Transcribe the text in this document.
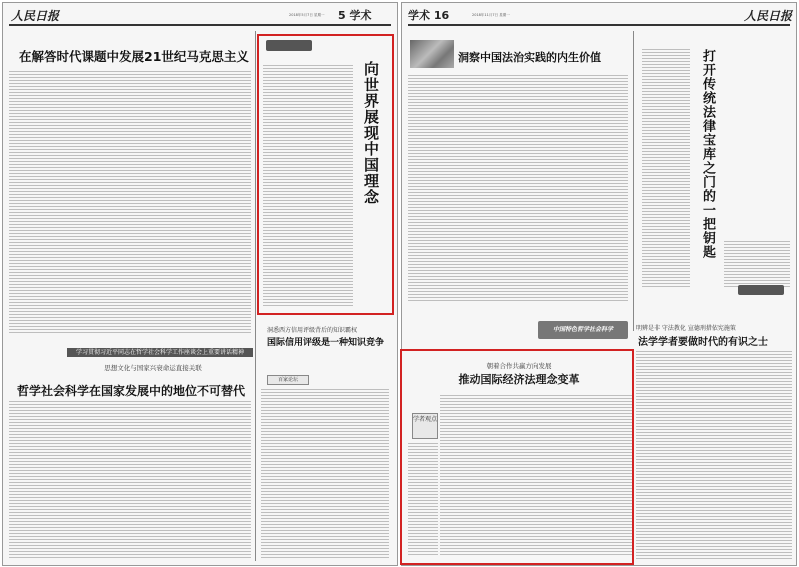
人民日报	2018年5月7日 星期一 5 学术
在解答时代课题中发展21世纪马克思主义
向世界展现中国理念
洞悉西方信用评级背后的知识霸权
国际信用评级是一种知识竞争
百家论坛
学习贯彻习近平同志在哲学社会科学工作座谈会上重要讲话精神
思想文化与国家兴衰命运直接关联
哲学社会科学在国家发展中的地位不可替代
学术 16	2018年11月7日 星期一	人民日报
洞察中国法治实践的内生价值	打开传统法律宝库之门的一把钥匙
中国特色哲学社会科学	明辨是非 守法教化 宣德刑措依宪施策
法学学者要做时代的有识之士
朝着合作共赢方向发展
推动国际经济法理念变革
学者观点
